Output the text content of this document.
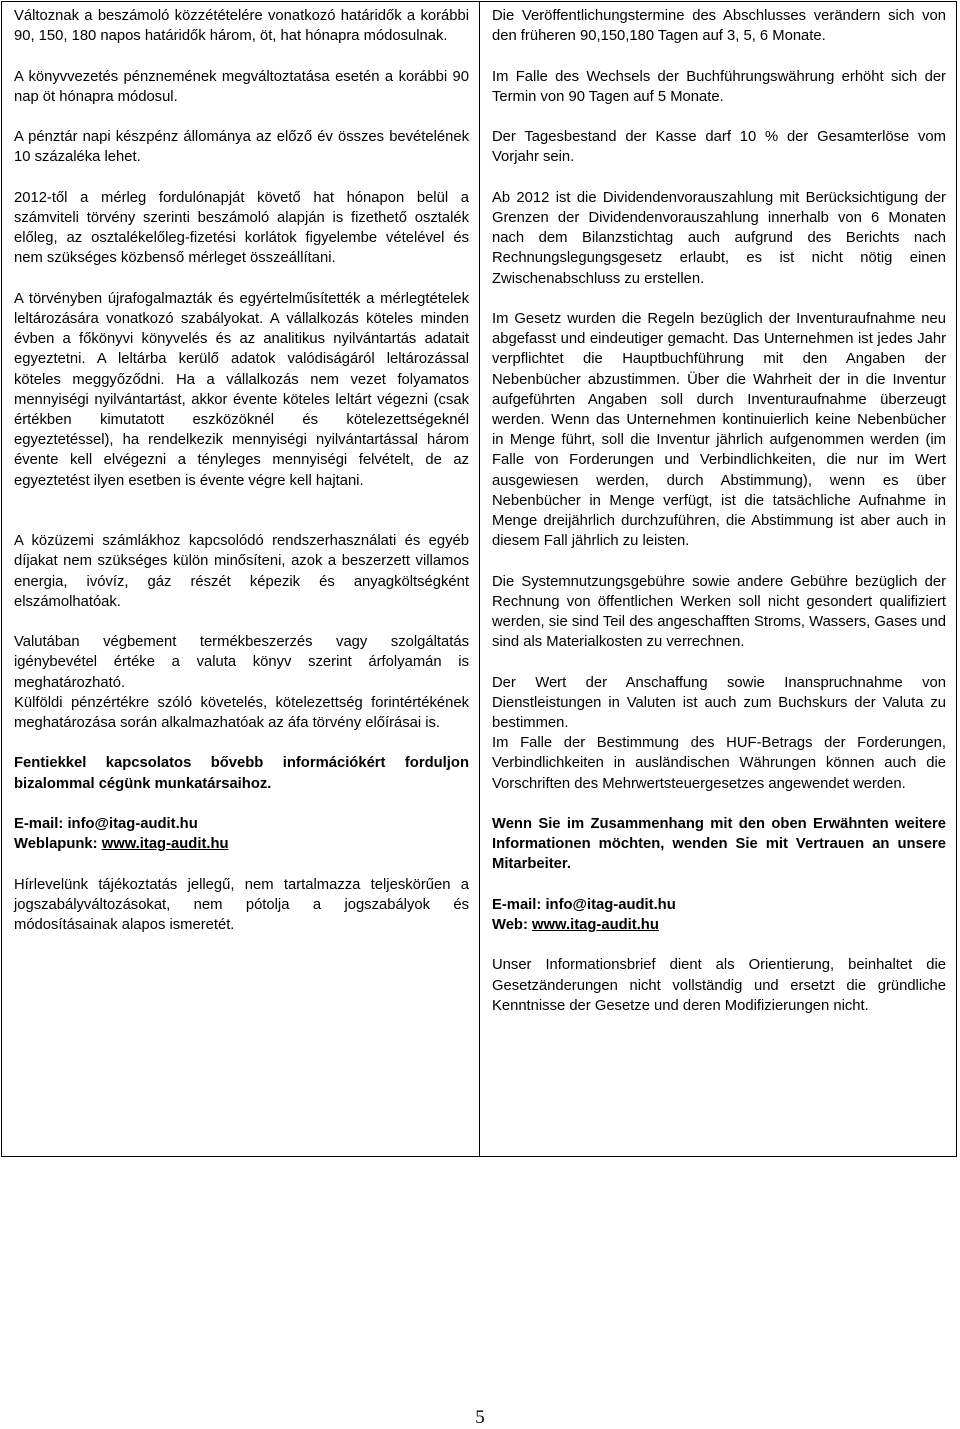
Változnak a beszámoló közzétételére vonatkozó határidők a korábbi 90, 150, 180 napos határidők három, öt, hat hónapra módosulnak.

A könyvvezetés pénznemének megváltoztatása esetén a korábbi 90 nap öt hónapra módosul.

A pénztár napi készpénz állománya az előző év összes bevételének 10 százaléka lehet.

2012-től a mérleg fordulónapját követő hat hónapon belül a számviteli törvény szerinti beszámoló alapján is fizethető osztalék előleg, az osztalékelőleg-fizetési korlátok figyelembe vételével és nem szükséges közbenső mérleget összeállítani.

A törvényben újrafogalmazták és egyértelműsítették a mérlegtételek leltározására vonatkozó szabályokat. A vállalkozás köteles minden évben a főkönyvi könyvelés és az analitikus nyilvántartás adatait egyeztetni. A leltárba kerülő adatok valódiságáról leltározással köteles meggyőződni. Ha a vállalkozás nem vezet folyamatos mennyiségi nyilvántartást, akkor évente köteles leltárt végezni (csak értékben kimutatott eszközöknél és kötelezettségeknél egyeztetéssel), ha rendelkezik mennyiségi nyilvántartással három évente kell elvégezni a tényleges mennyiségi felvételt, de az egyeztetést ilyen esetben is évente végre kell hajtani.

A közüzemi számlákhoz kapcsolódó rendszerhasználati és egyéb díjakat nem szükséges külön minősíteni, azok a beszerzett villamos energia, ivóvíz, gáz részét képezik és anyagköltségként elszámolhatóak.

Valutában végbement termékbeszerzés vagy szolgáltatás igénybevétel értéke a valuta könyv szerint árfolyamán is meghatározható.

Külföldi pénzértékre szóló követelés, kötelezettség forintértékének meghatározása során alkalmazhatóak az áfa törvény előírásai is.

Fentiekkel kapcsolatos bővebb információkért forduljon bizalommal cégünk munkatársaihoz.

E-mail: info@itag-audit.hu

Weblapunk: www.itag-audit.hu

Hírlevelünk tájékoztatás jellegű, nem tartalmazza teljeskörűen a jogszabályváltozásokat, nem pótolja a jogszabályok és módosításainak alapos ismeretét.

Die Veröffentlichungstermine des Abschlusses verändern sich von den früheren 90,150,180 Tagen auf 3, 5, 6 Monate.

Im Falle des Wechsels der Buchführungswährung erhöht sich der Termin von 90 Tagen auf 5 Monate.

Der Tagesbestand der Kasse darf 10 % der Gesamterlöse vom Vorjahr sein.

Ab 2012 ist die Dividendenvorauszahlung mit Berücksichtigung der Grenzen der Dividendenvorauszahlung innerhalb von 6 Monaten nach dem Bilanzstichtag auch aufgrund des Berichts nach Rechnungslegungsgesetz erlaubt, es ist nicht nötig einen Zwischenabschluss zu erstellen.

Im Gesetz wurden die Regeln bezüglich der Inventuraufnahme neu abgefasst und eindeutiger gemacht. Das Unternehmen ist jedes Jahr verpflichtet die Hauptbuchführung mit den Angaben der Nebenbücher abzustimmen. Über die Wahrheit der in die Inventur aufgeführten Angaben soll durch Inventuraufnahme überzeugt werden. Wenn das Unternehmen kontinuierlich keine Nebenbücher in Menge führt, soll die Inventur jährlich aufgenommen werden (im Falle von Forderungen und Verbindlichkeiten, die nur im Wert ausgewiesen werden, durch Abstimmung), wenn es über Nebenbücher in Menge verfügt, ist die tatsächliche Aufnahme in Menge dreijährlich durchzuführen, die Abstimmung ist aber auch in diesem Fall jährlich zu leisten.

Die Systemnutzungsgebühre sowie andere Gebühre bezüglich der Rechnung von öffentlichen Werken soll nicht gesondert qualifiziert werden, sie sind Teil des angeschafften Stroms, Wassers, Gases und sind als Materialkosten zu verrechnen.

Der Wert der Anschaffung sowie Inanspruchnahme von Dienstleistungen in Valuten ist auch zum Buchskurs der Valuta zu bestimmen.

Im Falle der Bestimmung des HUF-Betrags der Forderungen, Verbindlichkeiten in ausländischen Währungen können auch die Vorschriften des Mehrwertsteuergesetzes angewendet werden.

Wenn Sie im Zusammenhang mit den oben Erwähnten weitere Informationen möchten, wenden Sie mit Vertrauen an unsere Mitarbeiter.

E-mail: info@itag-audit.hu

Web: www.itag-audit.hu

Unser Informationsbrief dient als Orientierung, beinhaltet die Gesetzänderungen nicht vollständig und ersetzt die gründliche Kenntnisse der Gesetze und deren Modifizierungen nicht.

5
